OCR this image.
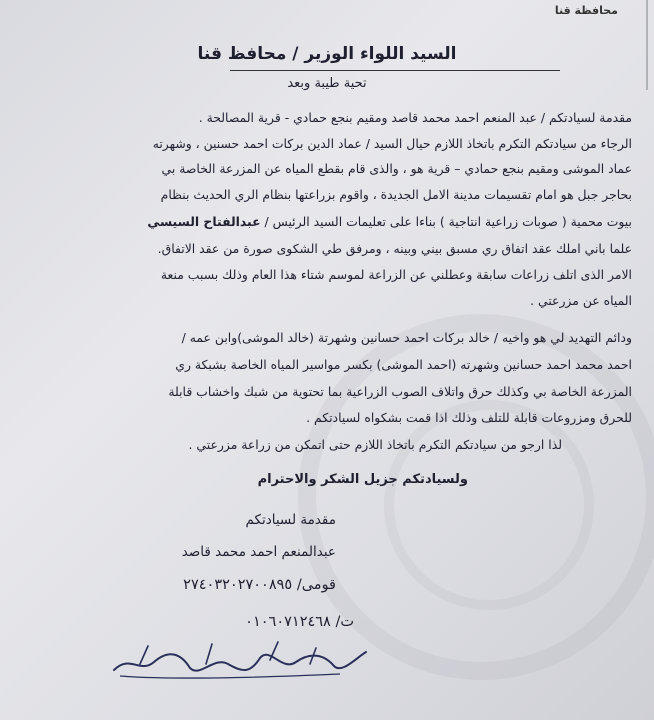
محافظة قنا
السيد اللواء الوزير / محافظ قنا
تحية طيبة وبعد
مقدمة لسيادتكم / عبد المنعم احمد محمد قاصد ومقيم بنجع حمادي - قرية المصالحة .
الرجاء من سيادتكم التكرم باتخاذ اللازم حيال السيد / عماد الدين بركات احمد حسنين ، وشهرته
عماد الموشى ومقيم بنجع حمادي – قرية هو ، والذى قام بقطع المياه عن المزرعة الخاصة بي
بحاجر جبل هو امام تقسيمات مدينة الامل الجديدة ، واقوم بزراعتها بنظام الري الحديث بنظام
بيوت محمية ( صوبات زراعية انتاجية ) بناءا على تعليمات السيد الرئيس / عبدالفتاح السيسي
علما باني املك عقد اتفاق ري مسبق بيني وبينه ، ومرفق طي الشكوى صورة من عقد الاتفاق.
الامر الذى اتلف زراعات سابقة وعطلني عن الزراعة لموسم شتاء هذا العام وذلك بسبب منعة
المياه عن مزرعتي .
ودائم التهديد لي هو واخيه / خالد بركات احمد حسانين وشهرتة (خالد الموشى)وابن عمه /
احمد محمد احمد حسانين وشهرته (احمد الموشى) بكسر مواسير المياه الخاصة بشبكة ري
المزرعة الخاصة بي وكذلك حرق واتلاف الصوب الزراعية بما تحتوية من شبك واخشاب قابلة
للحرق ومزروعات قابلة للتلف وذلك اذا قمت بشكواه لسيادتكم .
لذا ارجو من سيادتكم التكرم باتخاذ اللازم حتى اتمكن من زراعة مزرعتي .
ولسيادتكم جزيل الشكر والاحترام
مقدمة لسيادتكم
عبدالمنعم احمد محمد قاصد
قومى/ ٢٧٤٠٣٢٠٢٧٠٠٨٩٥
ت/ ٠١٠٦٠٧١٢٤٦٨
